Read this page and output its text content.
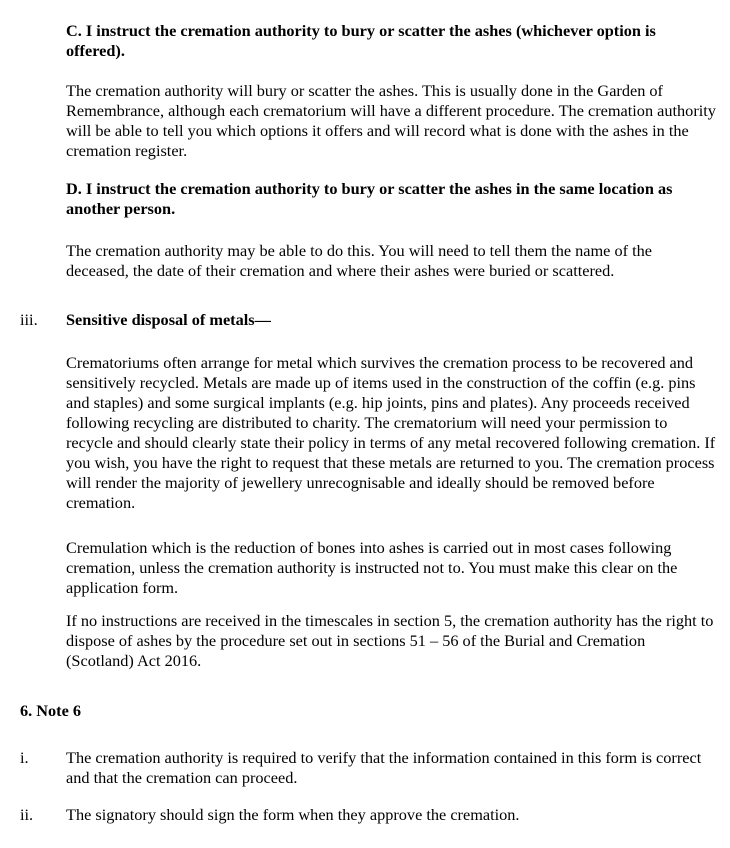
C. I instruct the cremation authority to bury or scatter the ashes (whichever option is offered).

The cremation authority will bury or scatter the ashes. This is usually done in the Garden of Remembrance, although each crematorium will have a different procedure. The cremation authority will be able to tell you which options it offers and will record what is done with the ashes in the cremation register.

D. I instruct the cremation authority to bury or scatter the ashes in the same location as another person.

The cremation authority may be able to do this. You will need to tell them the name of the deceased, the date of their cremation and where their ashes were buried or scattered.

iii. Sensitive disposal of metals—

Crematoriums often arrange for metal which survives the cremation process to be recovered and sensitively recycled. Metals are made up of items used in the construction of the coffin (e.g. pins and staples) and some surgical implants (e.g. hip joints, pins and plates). Any proceeds received following recycling are distributed to charity. The crematorium will need your permission to recycle and should clearly state their policy in terms of any metal recovered following cremation. If you wish, you have the right to request that these metals are returned to you. The cremation process will render the majority of jewellery unrecognisable and ideally should be removed before cremation.

Cremulation which is the reduction of bones into ashes is carried out in most cases following cremation, unless the cremation authority is instructed not to. You must make this clear on the application form.

If no instructions are received in the timescales in section 5, the cremation authority has the right to dispose of ashes by the procedure set out in sections 51 – 56 of the Burial and Cremation (Scotland) Act 2016.

6. Note 6

i. The cremation authority is required to verify that the information contained in this form is correct and that the cremation can proceed.

ii. The signatory should sign the form when they approve the cremation.
